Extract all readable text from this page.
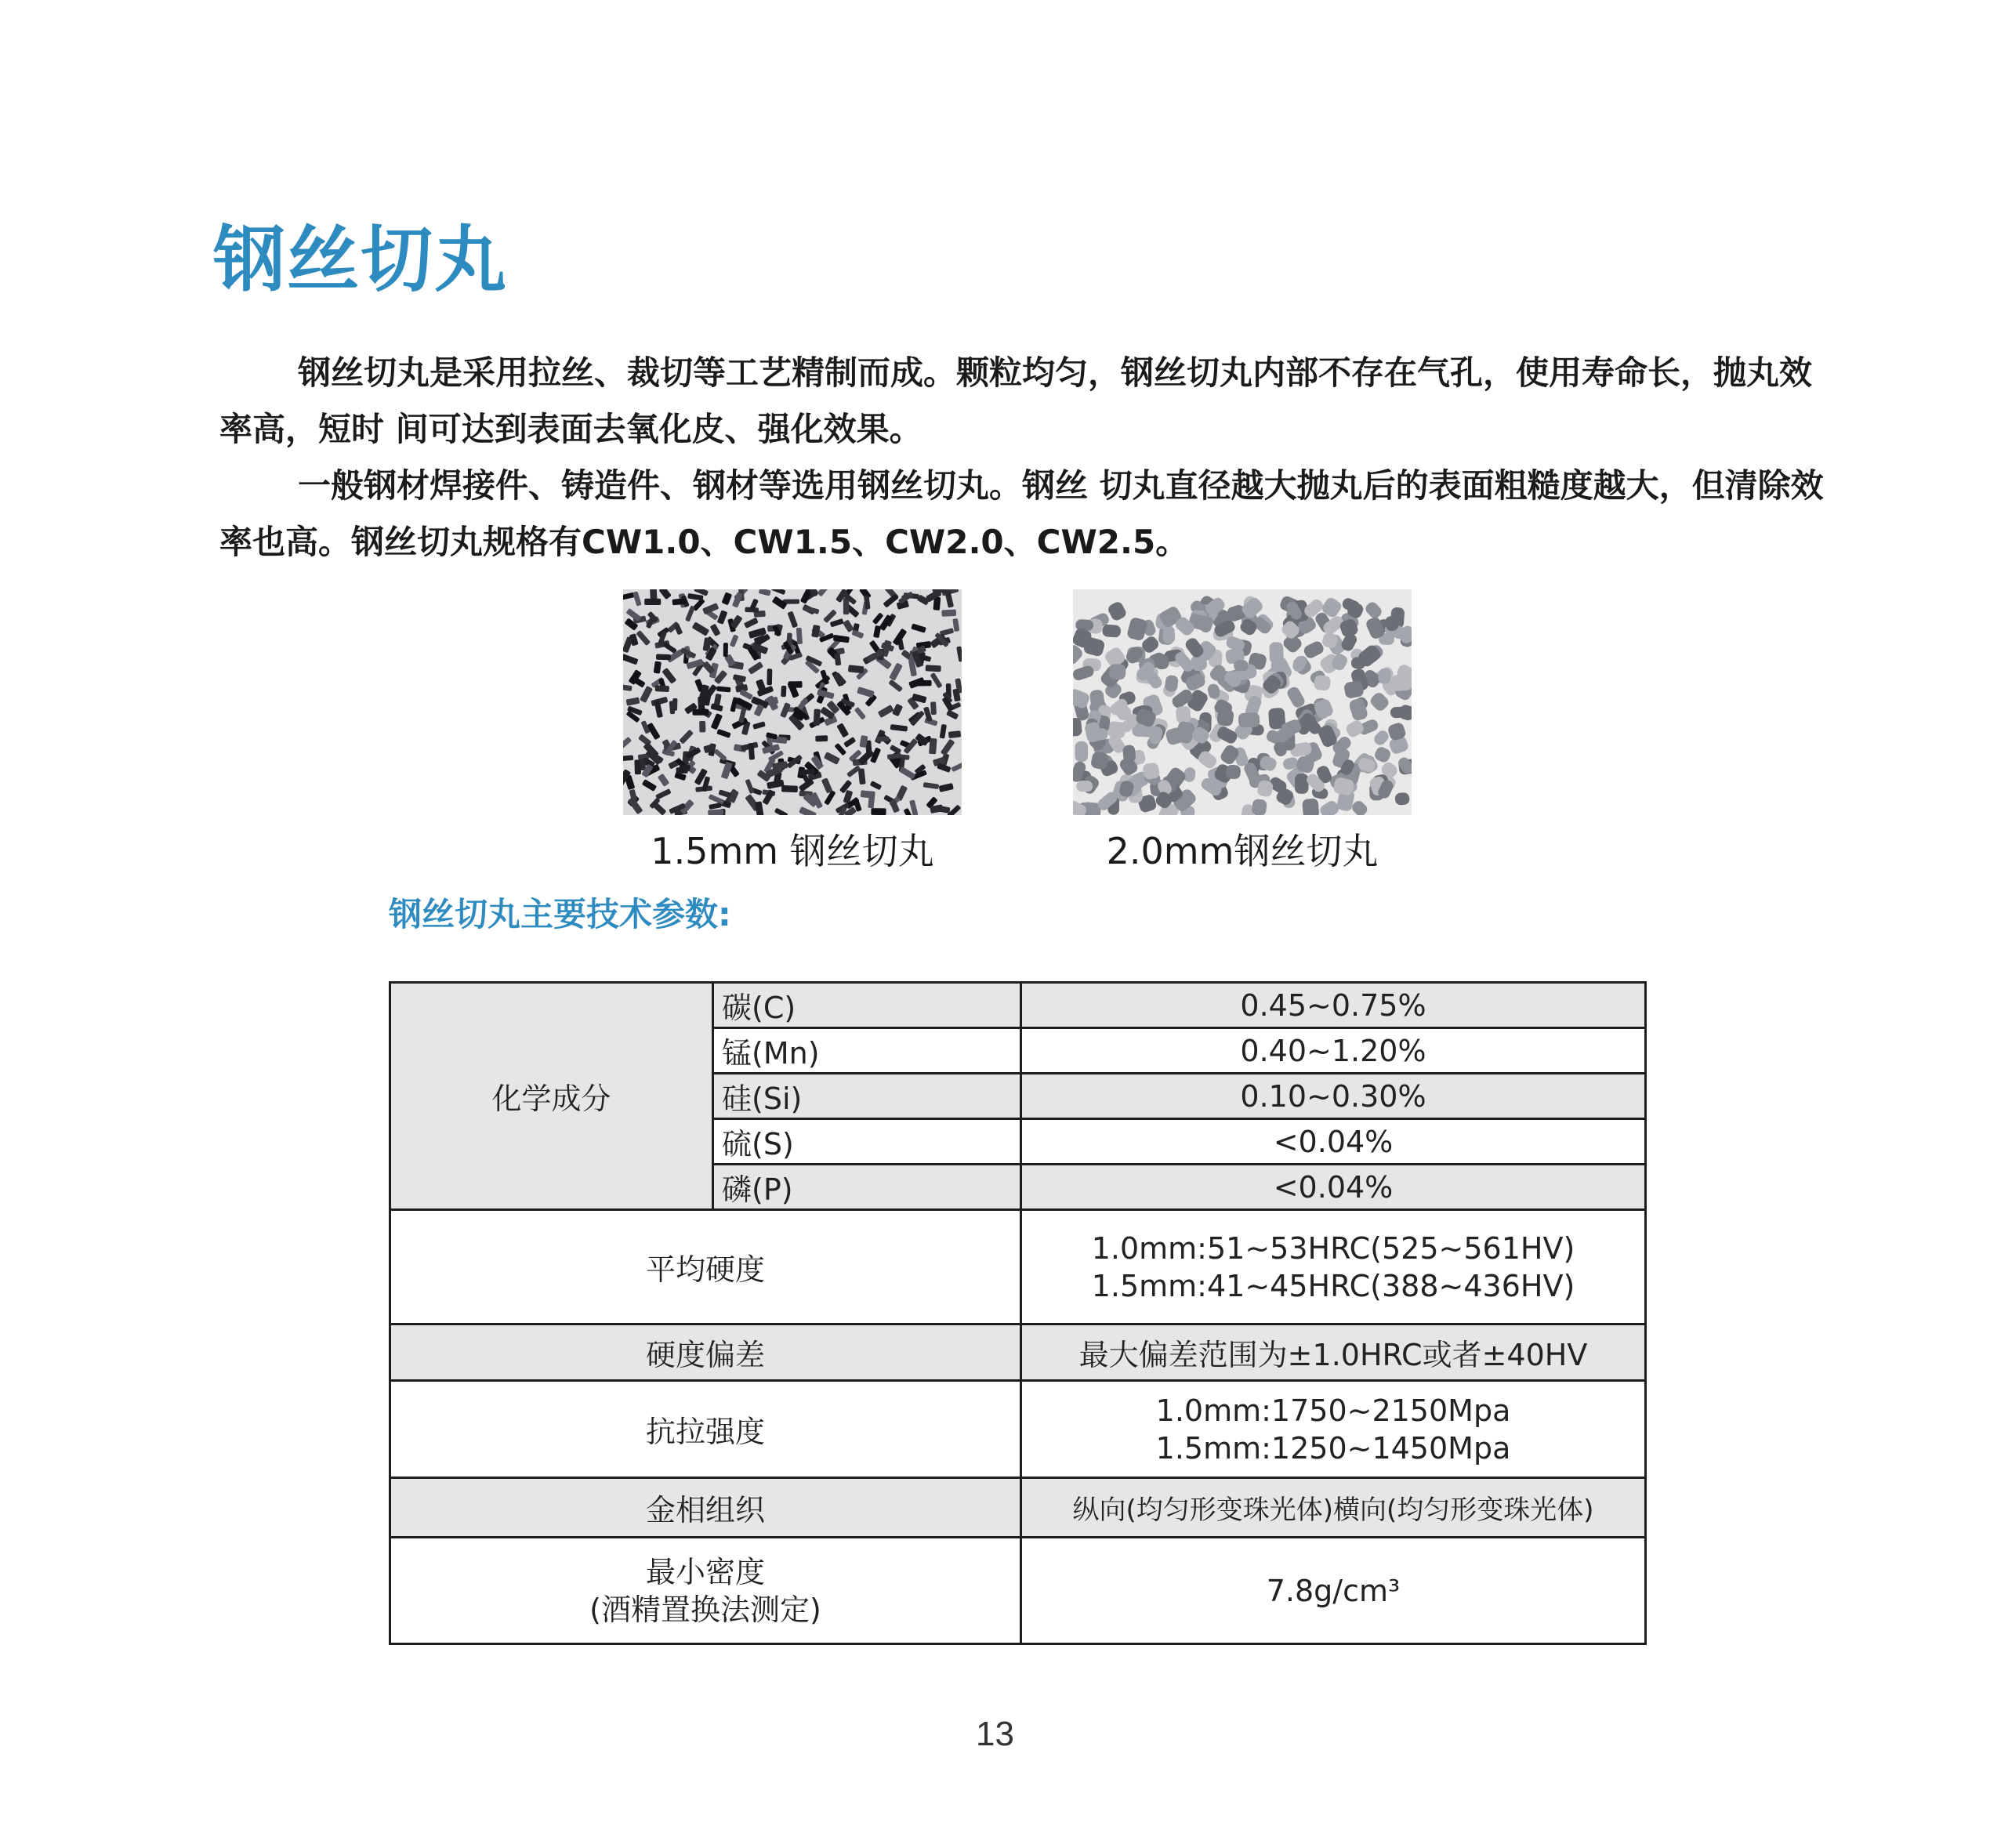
钢丝切丸

钢丝切丸是采用拉丝、裁切等工艺精制而成。颗粒均匀，钢丝切丸内部不存在气孔，使用寿命长，抛丸效率高，短时 间可达到表面去氧化皮、强化效果。

一般钢材焊接件、铸造件、钢材等选用钢丝切丸。钢丝 切丸直径越大抛丸后的表面粗糙度越大，但清除效率也高。钢丝切丸规格有CW1.0、CW1.5、CW2.0、CW2.5。

1.5mm 钢丝切丸	2.0mm钢丝切丸
钢丝切丸主要技术参数:
化学成分	碳(C)	0.45~0.75%
	锰(Mn)	0.40~1.20%
	硅(Si)	0.10~0.30%
	硫(S)	<0.04%
	磷(P)	<0.04%
平均硬度		1.0mm:51~53HRC(525~561HV)
1.5mm:41~45HRC(388~436HV)

硬度偏差		最大偏差范围为±1.0HRC或者±40HV
抗拉强度		1.0mm:1750~2150Mpa
1.5mm:1250~1450Mpa

金相组织		纵向(均匀形变珠光体)横向(均匀形变珠光体)

最小密度
(酒精置换法测定)		7.8g/cm³
13
